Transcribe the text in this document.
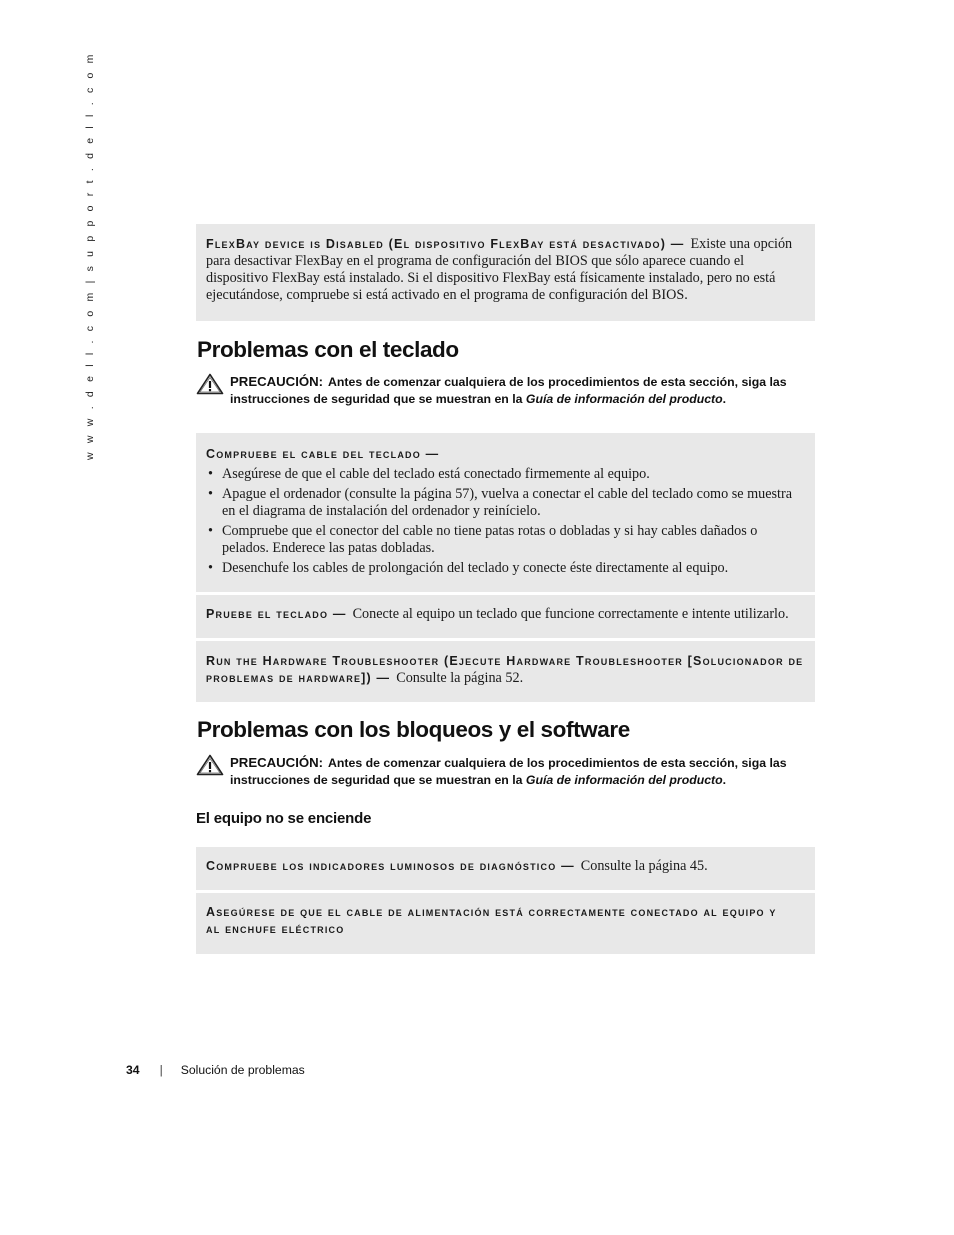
w w w . d e l l . c o m | s u p p o r t . d e l l . c o m	FlexBay device is Disabled (El dispositivo FlexBay está desactivado) — Existe una opción para desactivar FlexBay en el programa de configuración del BIOS que sólo aparece cuando el dispositivo FlexBay está instalado. Si el dispositivo FlexBay está físicamente instalado, pero no está ejecutándose, compruebe si está activado en el programa de configuración del BIOS.
Problemas con el teclado
PRECAUCIÓN: Antes de comenzar cualquiera de los procedimientos de esta sección, siga las
instrucciones de seguridad que se muestran en la Guía de información del producto.
Compruebe el cable del teclado —
• Asegúrese de que el cable del teclado está conectado firmemente al equipo.
• Apague el ordenador (consulte la página 57), vuelva a conectar el cable del teclado como se muestra en el diagrama de instalación del ordenador y reinícielo.
• Compruebe que el conector del cable no tiene patas rotas o dobladas y si hay cables dañados o pelados. Enderece las patas dobladas.
• Desenchufe los cables de prolongación del teclado y conecte éste directamente al equipo.
Pruebe el teclado — Conecte al equipo un teclado que funcione correctamente e intente utilizarlo.
Run the Hardware Troubleshooter (Ejecute Hardware Troubleshooter [Solucionador de problemas de hardware]) — Consulte la página 52.
Problemas con los bloqueos y el software
PRECAUCIÓN: Antes de comenzar cualquiera de los procedimientos de esta sección, siga las
instrucciones de seguridad que se muestran en la Guía de información del producto.
El equipo no se enciende
Compruebe los indicadores luminosos de diagnóstico — Consulte la página 45.
Asegúrese de que el cable de alimentación está correctamente conectado al equipo y al enchufe eléctrico
34 | Solución de problemas
